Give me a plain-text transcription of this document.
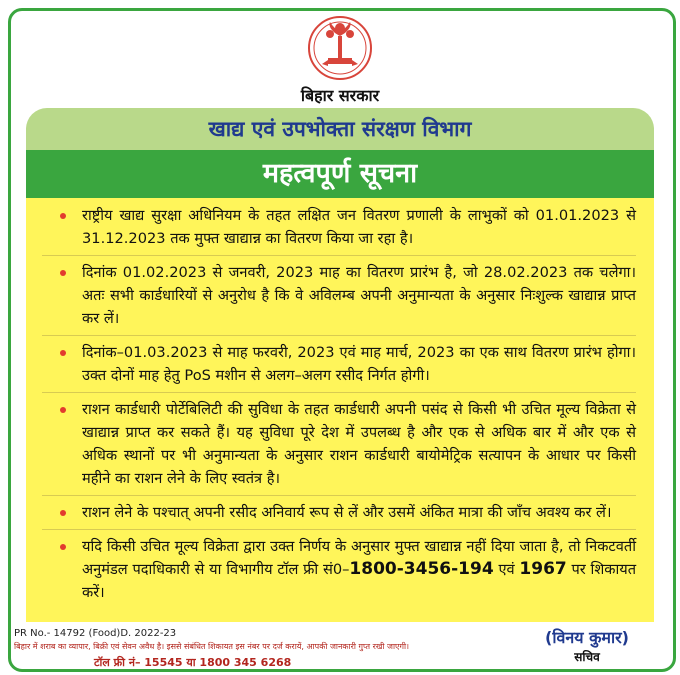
बिहार सरकार
खाद्य एवं उपभोक्ता संरक्षण विभाग
महत्वपूर्ण सूचना
राष्ट्रीय खाद्य सुरक्षा अधिनियम के तहत लक्षित जन वितरण प्रणाली के लाभुकों को 01.01.2023 से 31.12.2023 तक मुफ्त खाद्यान्न का वितरण किया जा रहा है।
दिनांक 01.02.2023 से जनवरी, 2023 माह का वितरण प्रारंभ है, जो 28.02.2023 तक चलेगा। अतः सभी कार्डधारियों से अनुरोध है कि वे अविलम्ब अपनी अनुमान्यता के अनुसार निःशुल्क खाद्यान्न प्राप्त कर लें।
दिनांक–01.03.2023 से माह फरवरी, 2023 एवं माह मार्च, 2023 का एक साथ वितरण प्रारंभ होगा। उक्त दोनों माह हेतु PoS मशीन से अलग–अलग रसीद निर्गत होगी।
राशन कार्डधारी पोर्टेबिलिटी की सुविधा के तहत कार्डधारी अपनी पसंद से किसी भी उचित मूल्य विक्रेता से खाद्यान्न प्राप्त कर सकते हैं। यह सुविधा पूरे देश में उपलब्ध है और एक से अधिक बार में और एक से अधिक स्थानों पर भी अनुमान्यता के अनुसार राशन कार्डधारी बायोमेट्रिक सत्यापन के आधार पर किसी महीने का राशन लेने के लिए स्वतंत्र है।
राशन लेने के पश्चात् अपनी रसीद अनिवार्य रूप से लें और उसमें अंकित मात्रा की जाँच अवश्य कर लें।
यदि किसी उचित मूल्य विक्रेता द्वारा उक्त निर्णय के अनुसार मुफ्त खाद्यान्न नहीं दिया जाता है, तो निकटवर्ती अनुमंडल पदाधिकारी से या विभागीय टॉल फ्री सं0–1800-3456-194 एवं 1967 पर शिकायत करें।
PR No.- 14792 (Food)D. 2022-23
बिहार में शराब का व्यापार, बिक्री एवं सेवन अवैध है। इससे संबंधित शिकायत इस नंबर पर दर्ज करायें, आपकी जानकारी गुप्त रखी जाएगी।
टॉल फ्री नं– 15545 या 1800 345 6268
(विनय कुमार)
सचिव
